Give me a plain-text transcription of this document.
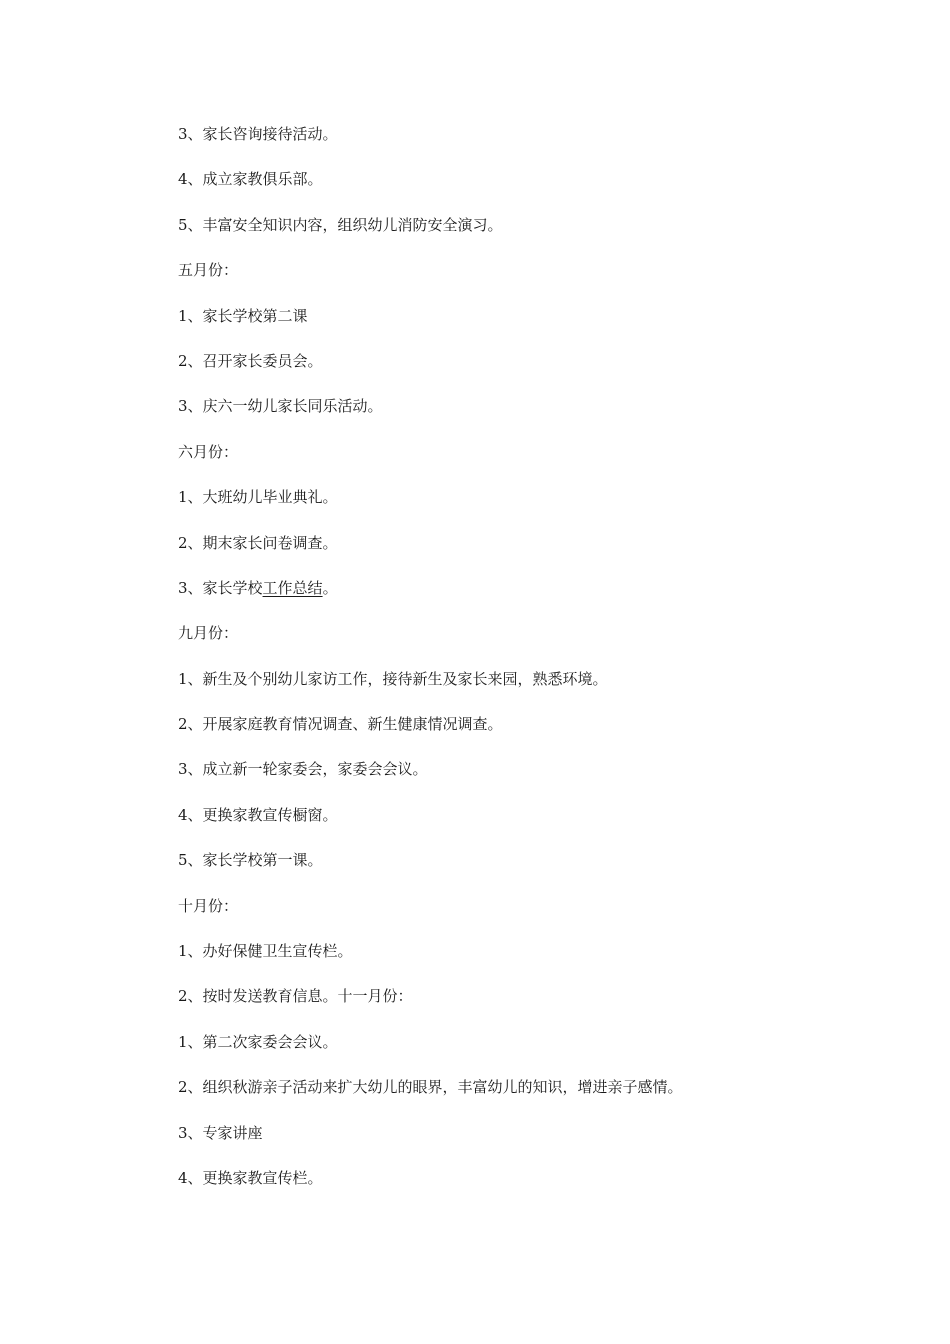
3、家长咨询接待活动。
4、成立家教俱乐部。
5、丰富安全知识内容，组织幼儿消防安全演习。
五月份：
1、家长学校第二课
2、召开家长委员会。
3、庆六一幼儿家长同乐活动。
六月份：
1、大班幼儿毕业典礼。
2、期末家长问卷调查。
3、家长学校工作总结。
九月份：
1、新生及个别幼儿家访工作，接待新生及家长来园，熟悉环境。
2、开展家庭教育情况调查、新生健康情况调查。
3、成立新一轮家委会，家委会会议。
4、更换家教宣传橱窗。
5、家长学校第一课。
十月份：
1、办好保健卫生宣传栏。
2、按时发送教育信息。十一月份：
1、第二次家委会会议。
2、组织秋游亲子活动来扩大幼儿的眼界，丰富幼儿的知识，增进亲子感情。
3、专家讲座
4、更换家教宣传栏。
